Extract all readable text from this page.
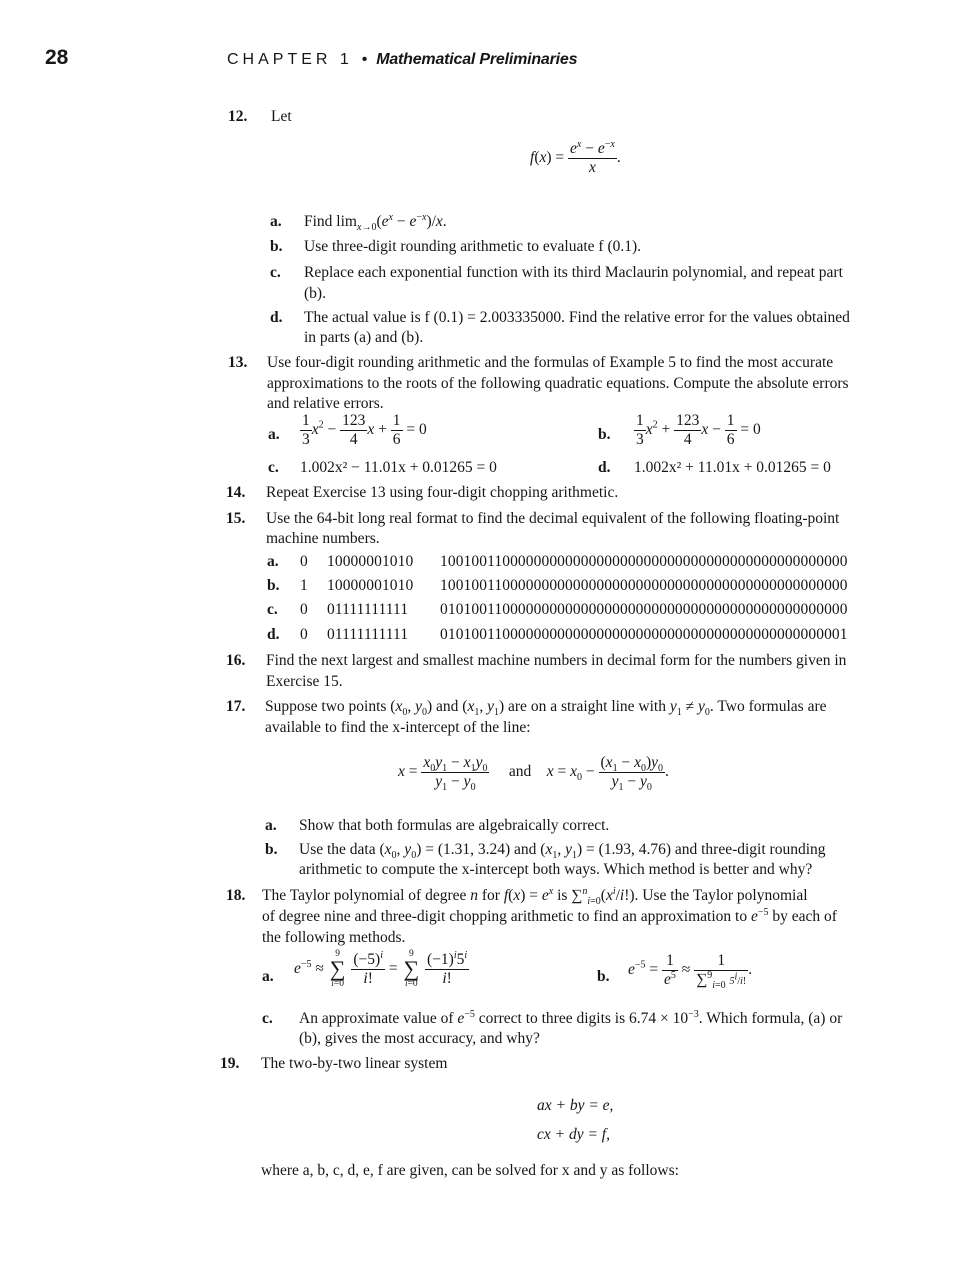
28	CHAPTER 1 • Mathematical Preliminaries
12. Let
$f(x) = \frac{e^x - e^{-x}}{x}$ .
a. Find $\lim_{x\to 0}(e^x - e^{-x})/x$.
b. Use three-digit rounding arithmetic to evaluate f (0.1).
c. Replace each exponential function with its third Maclaurin polynomial, and repeat part
(b).
d. The actual value is f (0.1) = 2.003335000. Find the relative error for the values obtained
in parts (a) and (b).
13. Use four-digit rounding arithmetic and the formulas of Example 5 to find the most accurate
approximations to the roots of the following quadratic equations. Compute the absolute errors
and relative errors.
a. $\frac{1}{3} x^2 - \frac{123}{4}$ $x + \frac{1}{6} = 0$	b. $\frac{1}{3} x^2 + \frac{123}{4}$ $x - \frac{1}{6} = 0$
c. 1.002x² − 11.01x + 0.01265 = 0	d. 1.002x² + 11.01x + 0.01265 = 0
14. Repeat Exercise 13 using four-digit chopping arithmetic.
15. Use the 64-bit long real format to find the decimal equivalent of the following floating-point
machine numbers.
a. 0 10000001010 1001001100000000000000000000000000000000000000000000
b. 1 10000001010 1001001100000000000000000000000000000000000000000000
c. 0 01111111111 0101001100000000000000000000000000000000000000000000
d. 0 01111111111 0101001100000000000000000000000000000000000000000001
16. Find the next largest and smallest machine numbers in decimal form for the numbers given in
Exercise 15.
17. Suppose two points ($x_0$, $y_0$) and ($x_1$, $y_1$) are on a straight line with $y_1 \ne y_0$. Two formulas are
available to find the x-intercept of the line:
$x = \frac{x_0y_1 - x_1y_0}{y_1 - y_0}$ and $x = x_0 - \frac{(x_1 - x_0)y_0}{y_1 - y_0}$ .
a. Show that both formulas are algebraically correct.
b. Use the data ($x_0$, $y_0) = (1.31$, 3.24) and ($x_1$, $y_1) = (1.93$, 4.76) and three-digit rounding
arithmetic to compute the x-intercept both ways. Which method is better and why?
18. The Taylor polynomial of degree n for $f(x) = e^x$ is $\sum^n_{i=0}(x^i/i!)$. Use the Taylor polynomial
of degree nine and three-digit chopping arithmetic to find an approximation to $e^{-5}$ by each of
the following methods.
a. $e^{-5}$ ≈
9
∑
i=0
$\frac{(-5)^i}{i!}$ =
9
∑
i=0
$\frac{(-1)^i5^i}{i!}$	b. $e^{-5} = \frac{1}{e^5} \approx \frac{1}{\sum^9_{i=0} 5^i/i!}$ .
c. An approximate value of $e^{-5}$ correct to three digits is $6.74 \times 10^{-3}$. Which formula, (a) or
(b), gives the most accuracy, and why?
19. The two-by-two linear system
ax + by = e,
cx + dy = f,
where a, b, c, d, e, f are given, can be solved for x and y as follows:
